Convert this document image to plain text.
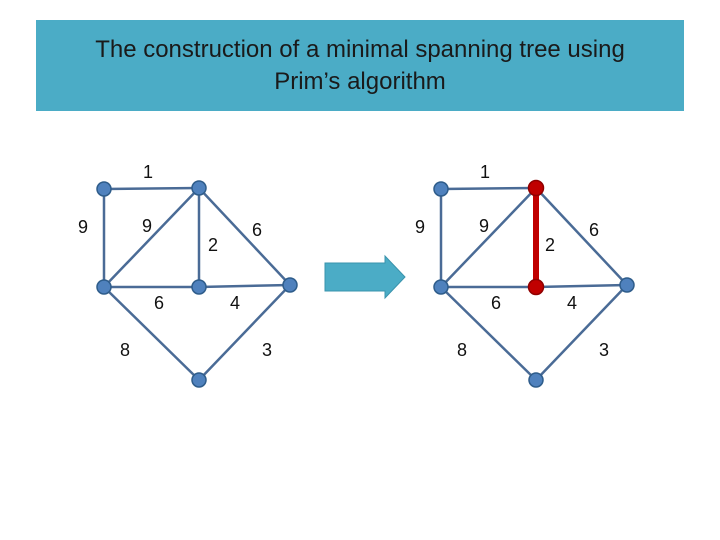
The construction of a minimal spanning tree using
Prim’s algorithm
1
9	9
2
6
6	4
8	3
1
9	9
2
6
6	4
8	3
